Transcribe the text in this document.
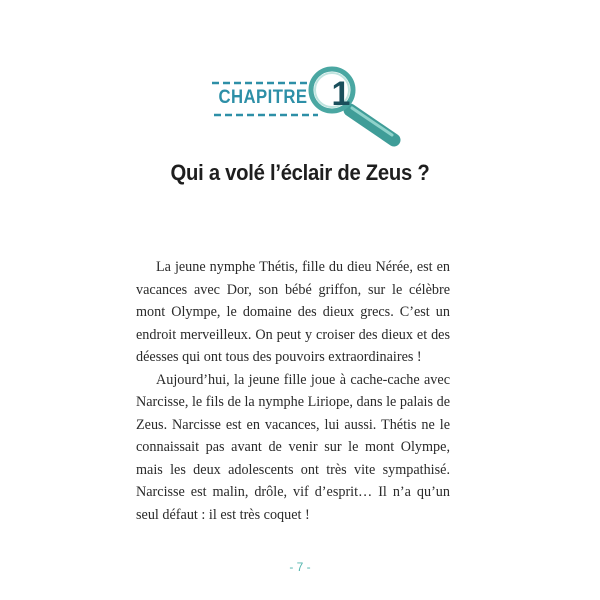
CHAPITRE 1
Qui a volé l’éclair de Zeus ?

La jeune nymphe Thétis, fille du dieu Nérée, est en vacances avec Dor, son bébé griffon, sur le célèbre mont Olympe, le domaine des dieux grecs. C’est un endroit merveilleux. On peut y croiser des dieux et des déesses qui ont tous des pouvoirs extraordinaires !

Aujourd’hui, la jeune fille joue à cache-cache avec Narcisse, le fils de la nymphe Liriope, dans le palais de Zeus. Narcisse est en vacances, lui aussi. Thétis ne le connaissait pas avant de venir sur le mont Olympe, mais les deux adolescents ont très vite sympathisé. Narcisse est malin, drôle, vif d’esprit… Il n’a qu’un seul défaut : il est très coquet !

- 7 -
